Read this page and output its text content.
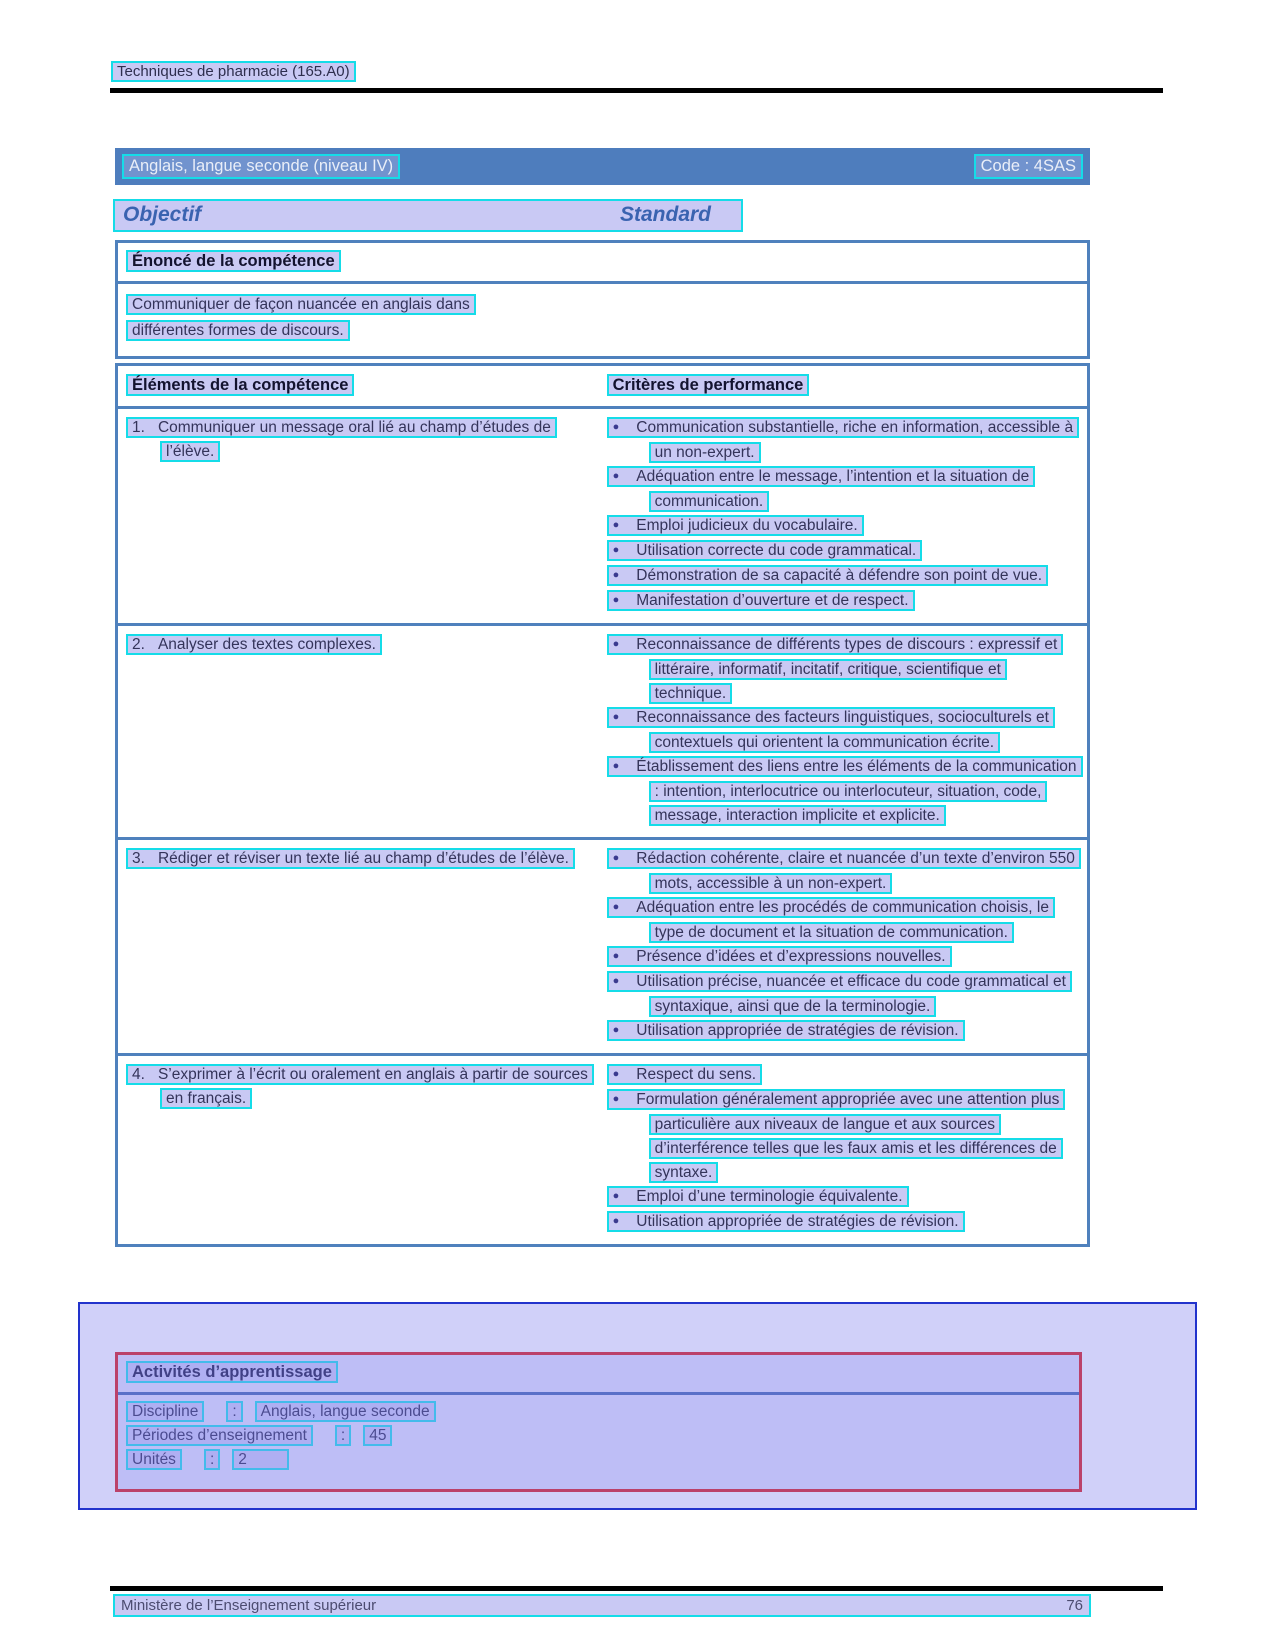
Techniques de pharmacie (165.A0)
Anglais, langue seconde (niveau IV)	Code : 4SAS
Objectif	Standard
Énoncé de la compétence
Communiquer de façon nuancée en anglais dans
différentes formes de discours.
Éléments de la compétence	Critères de performance
1. Communiquer un message oral lié au champ d’études de l’élève.
● Communication substantielle, riche en information, accessible à un non-expert.
● Adéquation entre le message, l’intention et la situation de communication.
● Emploi judicieux du vocabulaire.
● Utilisation correcte du code grammatical.
● Démonstration de sa capacité à défendre son point de vue.
● Manifestation d’ouverture et de respect.
2. Analyser des textes complexes.	● Reconnaissance de différents types de discours : expressif et littéraire, informatif, incitatif, critique, scientifique et technique.
● Reconnaissance des facteurs linguistiques, socioculturels et contextuels qui orientent la communication écrite.
● Établissement des liens entre les éléments de la communication : intention, interlocutrice ou interlocuteur, situation, code, message, interaction implicite et explicite.
3. Rédiger et réviser un texte lié au champ d’études de l’élève.	● Rédaction cohérente, claire et nuancée d’un texte d’environ 550 mots, accessible à un non-expert.
● Adéquation entre les procédés de communication choisis, le type de document et la situation de communication.
● Présence d’idées et d’expressions nouvelles.
● Utilisation précise, nuancée et efficace du code grammatical et syntaxique, ainsi que de la terminologie.
● Utilisation appropriée de stratégies de révision.
4. S’exprimer à l’écrit ou oralement en anglais à partir de sources en français.
● Respect du sens.
● Formulation généralement appropriée avec une attention plus particulière aux niveaux de langue et aux sources d’interférence telles que les faux amis et les différences de syntaxe.
● Emploi d’une terminologie équivalente.
● Utilisation appropriée de stratégies de révision.
Activités d’apprentissage
Discipline : Anglais, langue seconde
Périodes d’enseignement : 45
Unités : 2
Ministère de l’Enseignement supérieur	76
